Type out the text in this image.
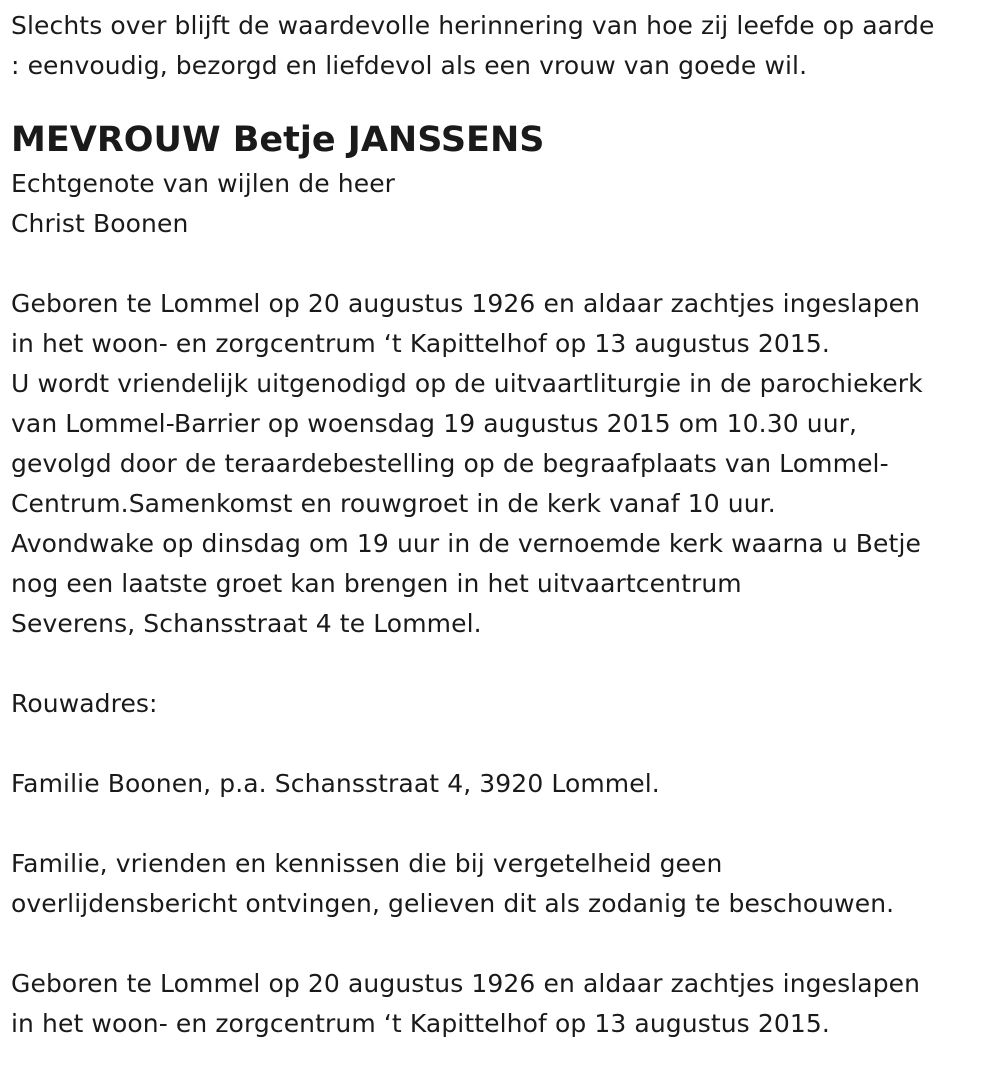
Slechts over blijft de waardevolle herinnering van hoe zij leefde op aarde
: eenvoudig, bezorgd en liefdevol als een vrouw van goede wil.
MEVROUW Betje JANSSENS
Echtgenote van wijlen de heer
Christ Boonen
Geboren te Lommel op 20 augustus 1926 en aldaar zachtjes ingeslapen
in het woon- en zorgcentrum ‘t Kapittelhof op 13 augustus 2015.
U wordt vriendelijk uitgenodigd op de uitvaartliturgie in de parochiekerk
van Lommel-Barrier op woensdag 19 augustus 2015 om 10.30 uur,
gevolgd door de teraardebestelling op de begraafplaats van Lommel-
Centrum.Samenkomst en rouwgroet in de kerk vanaf 10 uur.
Avondwake op dinsdag om 19 uur in de vernoemde kerk waarna u Betje
nog een laatste groet kan brengen in het uitvaartcentrum
Severens, Schansstraat 4 te Lommel.
Rouwadres:
Familie Boonen, p.a. Schansstraat 4, 3920 Lommel.
Familie, vrienden en kennissen die bij vergetelheid geen
overlijdensbericht ontvingen, gelieven dit als zodanig te beschouwen.
Geboren te Lommel op 20 augustus 1926 en aldaar zachtjes ingeslapen
in het woon- en zorgcentrum ‘t Kapittelhof op 13 augustus 2015.
